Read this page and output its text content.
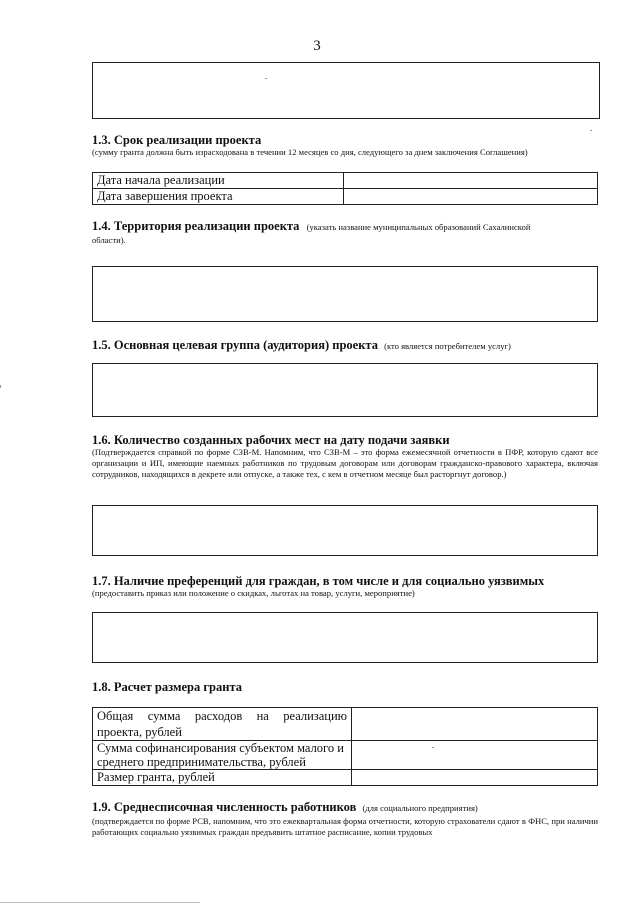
3
1.3. Срок реализации проекта
(сумму гранта должна быть израсходована в течении 12 месяцев со дня, следующего за днем заключения Соглашения)
Дата начала реализации	
Дата завершения проекта	
1.4. Территория реализации проекта (указать название муниципальных образований Сахалинской
области).
1.5. Основная целевая группа (аудитория) проекта (кто является потребителем услуг)
1.6. Количество созданных рабочих мест на дату подачи заявки
(Подтверждается справкой по форме СЗВ-М. Напомним, что СЗВ-М – это форма ежемесячной отчетности в ПФР, которую сдают все организации и ИП, имеющие наемных работников по трудовым договорам или договорам гражданско-правового характера, включая сотрудников, находящихся в декрете или отпуске, а также тех, с кем в отчетном месяце был расторгнут договор.)
1.7. Наличие преференций для граждан, в том числе и для социально уязвимых
(предоставить приказ или положение о скидках, льготах на товар, услуги, мероприятие)
1.8. Расчет размера гранта
Общая сумма расходов на реализацию проекта, рублей	
Сумма софинансирования субъектом малого и среднего предпринимательства, рублей	
Размер гранта, рублей	
1.9. Среднесписочная численность работников (для социального предприятия)
(подтверждается по форме РСВ, напомним, что это ежеквартальная форма отчетности, которую страхователи сдают в ФНС, при наличии работающих социально уязвимых граждан предъявить штатное расписание, копии трудовых
